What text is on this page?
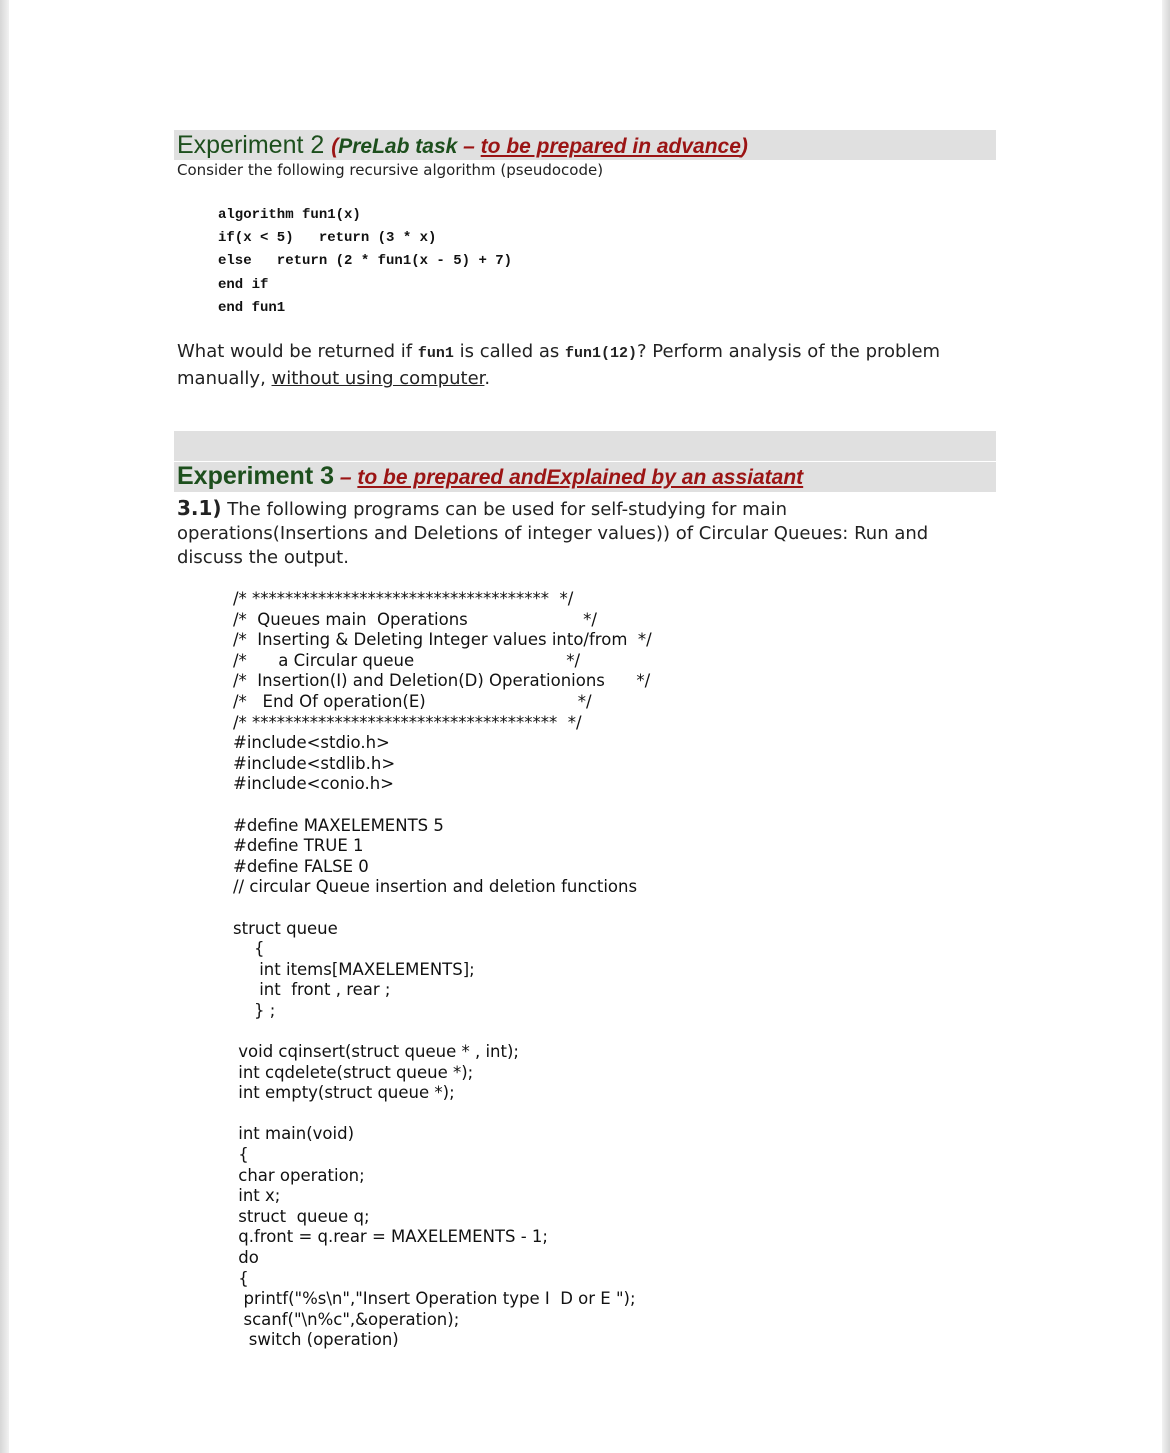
Experiment 2 (PreLab task – to be prepared in advance)
Consider the following recursive algorithm (pseudocode)
algorithm fun1(x)
if(x < 5)   return (3 * x)
else   return (2 * fun1(x - 5) + 7)
end if
end fun1
What would be returned if fun1 is called as fun1(12)? Perform analysis of the problem manually, without using computer.
Experiment 3 – to be prepared andExplained by an assiatant
3.1) The following programs can be used for self-studying for main operations(Insertions and Deletions of integer values)) of Circular Queues: Run and discuss the output.
/* ************************************  */
/*  Queues main  Operations                      */
/*  Inserting & Deleting Integer values into/from  */
/*      a Circular queue                             */
/*  Insertion(I) and Deletion(D) Operationions      */
/*   End Of operation(E)                             */
/* *************************************  */
#include<stdio.h>
#include<stdlib.h>
#include<conio.h>

#define MAXELEMENTS 5
#define TRUE 1
#define FALSE 0
// circular Queue insertion and deletion functions

struct queue
{
int items[MAXELEMENTS];
int  front , rear ;
} ;

void cqinsert(struct queue * , int);
int cqdelete(struct queue *);
int empty(struct queue *);

int main(void)
{
char operation;
int x;
struct  queue q;
q.front = q.rear = MAXELEMENTS - 1;
do
{
printf("%s\n","Insert Operation type I  D or E ");
scanf("\n%c",&operation);
switch (operation)
